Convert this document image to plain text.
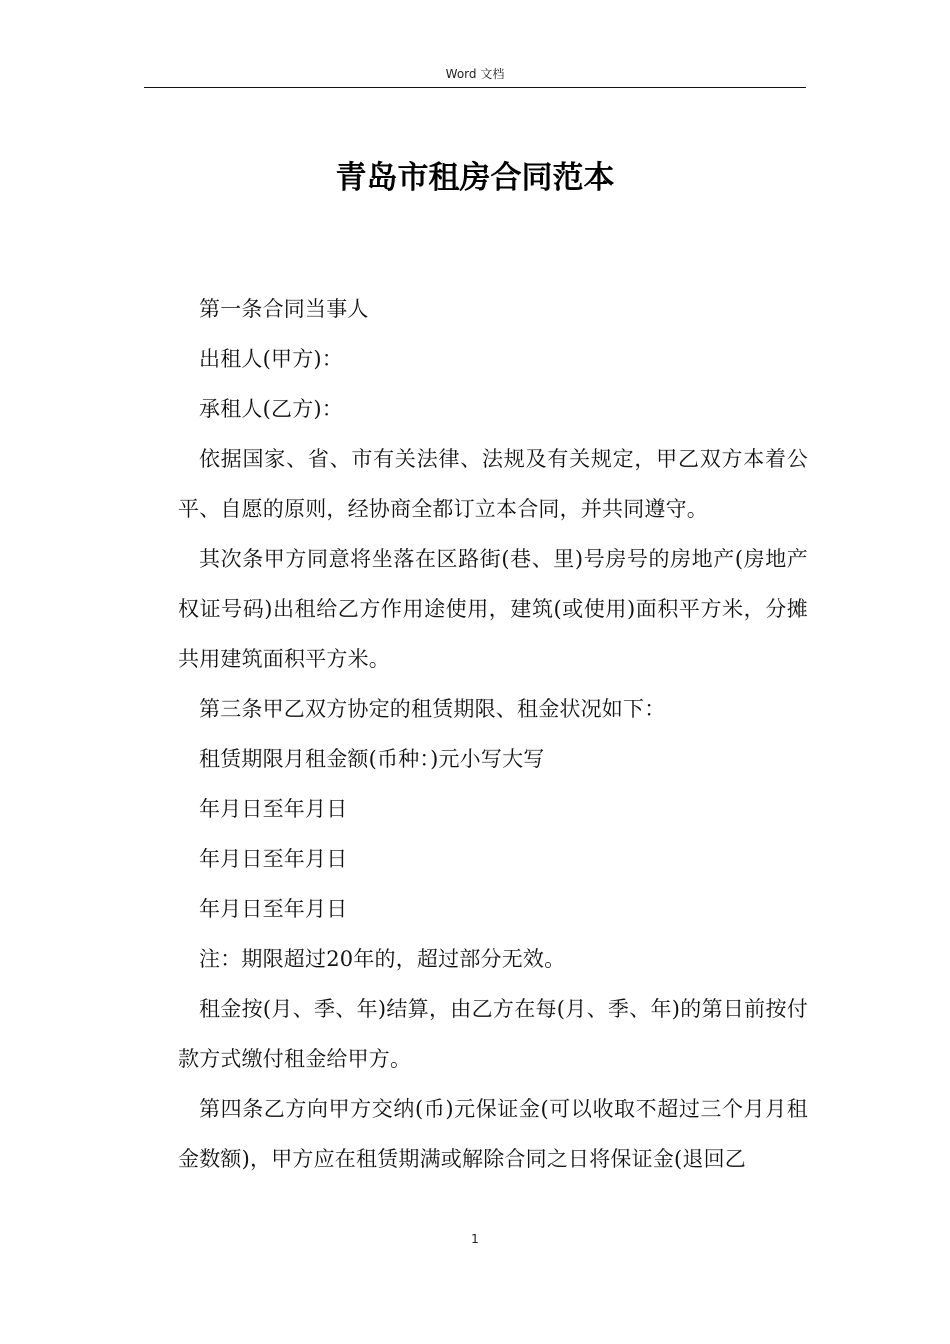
Word 文档
青岛市租房合同范本

第一条合同当事人

出租人(甲方)：

承租人(乙方)：

依据国家、省、市有关法律、法规及有关规定，甲乙双方本着公平、自愿的原则，经协商全都订立本合同，并共同遵守。

其次条甲方同意将坐落在区路街(巷、里)号房号的房地产(房地产权证号码)出租给乙方作用途使用，建筑(或使用)面积平方米，分摊共用建筑面积平方米。

第三条甲乙双方协定的租赁期限、租金状况如下：

租赁期限月租金额(币种：)元小写大写

年月日至年月日

年月日至年月日

年月日至年月日

注：期限超过20年的，超过部分无效。

租金按(月、季、年)结算，由乙方在每(月、季、年)的第日前按付款方式缴付租金给甲方。

第四条乙方向甲方交纳(币)元保证金(可以收取不超过三个月月租金数额)，甲方应在租赁期满或解除合同之日将保证金(退回乙

1
